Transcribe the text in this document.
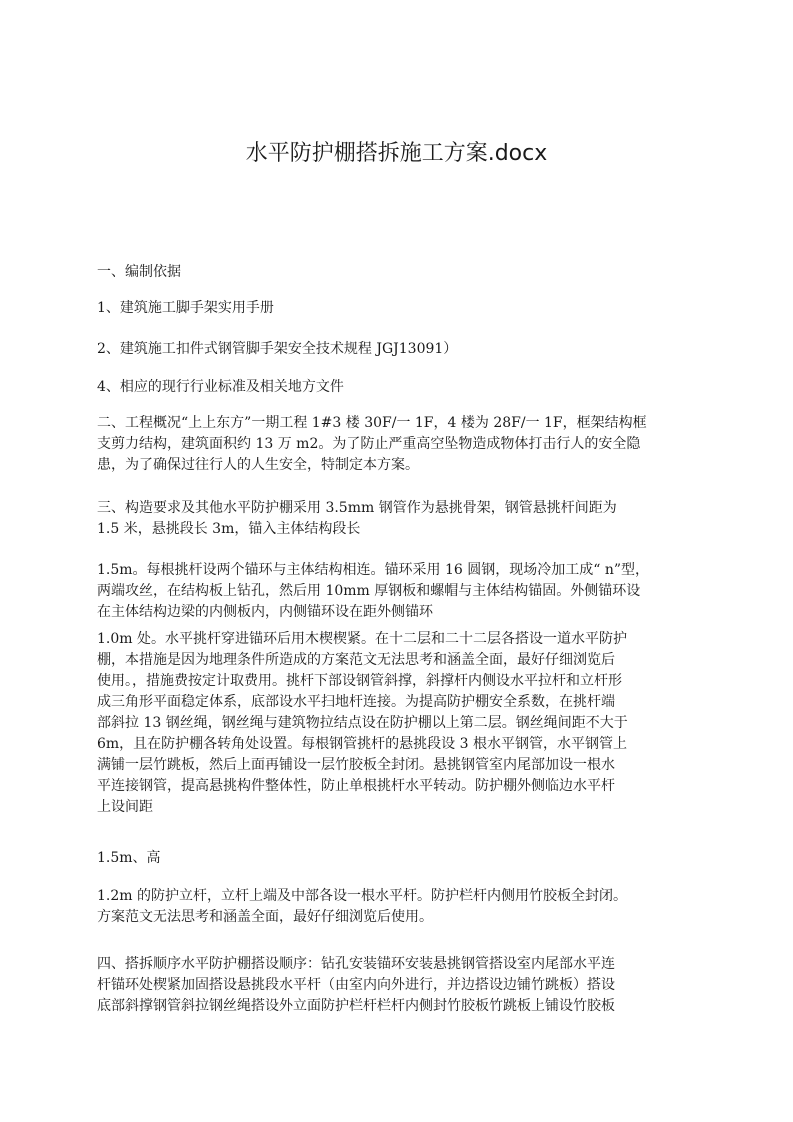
水平防护棚搭拆施工方案.docx
一、编制依据
1、建筑施工脚手架实用手册
2、建筑施工扣件式钢管脚手架安全技术规程 JGJ13091）
4、相应的现行行业标准及相关地方文件
二、工程概况“上上东方”一期工程 1#3 楼 30F/一 1F，4 楼为 28F/一 1F，框架结构框
支剪力结构，建筑面积约 13 万 m2。为了防止严重高空坠物造成物体打击行人的安全隐
患，为了确保过往行人的人生安全，特制定本方案。
三、构造要求及其他水平防护棚采用 3.5mm 钢管作为悬挑骨架，钢管悬挑杆间距为
1.5 米，悬挑段长 3m，锚入主体结构段长
1.5m。每根挑杆设两个锚环与主体结构相连。锚环采用 16 圆钢，现场冷加工成“ n”型，
两端攻丝，在结构板上钻孔，然后用 10mm 厚钢板和螺帽与主体结构锚固。外侧锚环设
在主体结构边梁的内侧板内，内侧锚环设在距外侧锚环
1.0m 处。水平挑杆穿进锚环后用木楔楔紧。在十二层和二十二层各搭设一道水平防护
棚，本措施是因为地理条件所造成的方案范文无法思考和涵盖全面，最好仔细浏览后
使用。，措施费按定计取费用。挑杆下部设钢管斜撑，斜撑杆内侧设水平拉杆和立杆形
成三角形平面稳定体系，底部设水平扫地杆连接。为提高防护棚安全系数，在挑杆端
部斜拉 13 钢丝绳，钢丝绳与建筑物拉结点设在防护棚以上第二层。钢丝绳间距不大于
6m，且在防护棚各转角处设置。每根钢管挑杆的悬挑段设 3 根水平钢管，水平钢管上
满铺一层竹跳板，然后上面再铺设一层竹胶板全封闭。悬挑钢管室内尾部加设一根水
平连接钢管，提高悬挑构件整体性，防止单根挑杆水平转动。防护棚外侧临边水平杆
上设间距
1.5m、高
1.2m 的防护立杆，立杆上端及中部各设一根水平杆。防护栏杆内侧用竹胶板全封闭。
方案范文无法思考和涵盖全面，最好仔细浏览后使用。
四、搭拆顺序水平防护棚搭设顺序：钻孔安装锚环安装悬挑钢管搭设室内尾部水平连
杆锚环处楔紧加固搭设悬挑段水平杆（由室内向外进行，并边搭设边铺竹跳板）搭设
底部斜撑钢管斜拉钢丝绳搭设外立面防护栏杆栏杆内侧封竹胶板竹跳板上铺设竹胶板
